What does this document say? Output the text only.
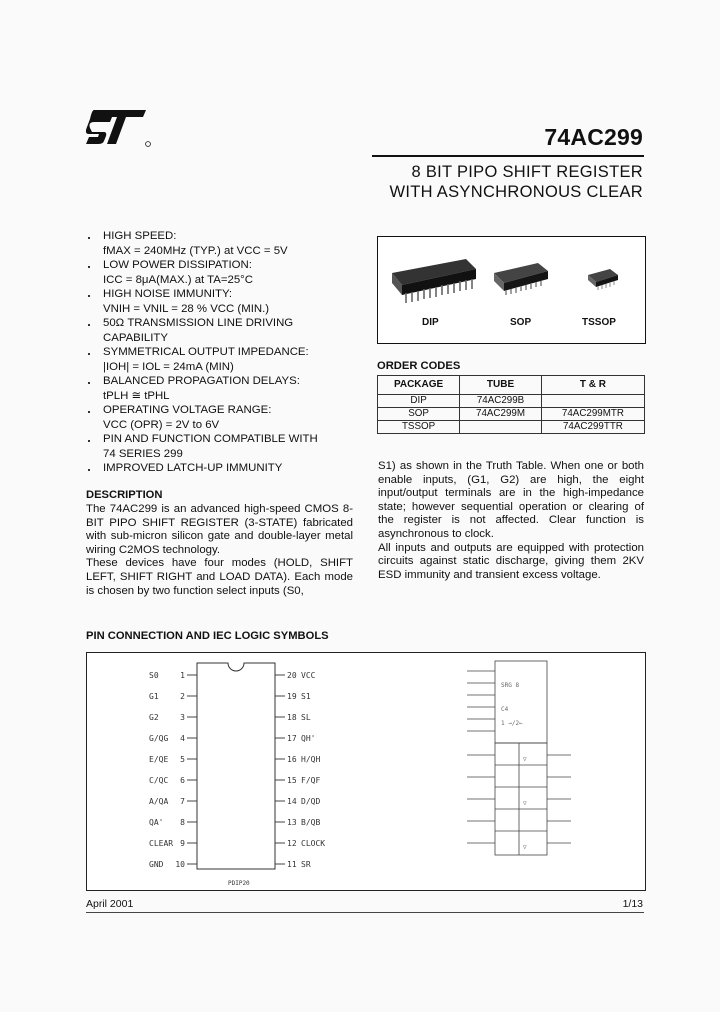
74AC299
8 BIT PIPO SHIFT REGISTER
WITH ASYNCHRONOUS CLEAR
HIGH SPEED:
fMAX = 240MHz (TYP.) at VCC = 5V
LOW POWER DISSIPATION:
ICC = 8μA(MAX.) at TA=25°C
HIGH NOISE IMMUNITY:
VNIH = VNIL = 28 % VCC (MIN.)
50Ω TRANSMISSION LINE DRIVING
CAPABILITY
SYMMETRICAL OUTPUT IMPEDANCE:
|IOH| = IOL = 24mA (MIN)
BALANCED PROPAGATION DELAYS:
tPLH ≅ tPHL
OPERATING VOLTAGE RANGE:
VCC (OPR) = 2V to 6V
PIN AND FUNCTION COMPATIBLE WITH
74 SERIES 299
IMPROVED LATCH-UP IMMUNITY
DIP	SOP	TSSOP
ORDER CODES
PACKAGE	TUBE	T & R
DIP	74AC299B	
SOP	74AC299M	74AC299MTR
TSSOP		74AC299TTR
DESCRIPTION
The 74AC299 is an advanced high-speed CMOS 8-BIT PIPO SHIFT REGISTER (3-STATE) fabricated with sub-micron silicon gate and double-layer metal wiring C2MOS technology.
These devices have four modes (HOLD, SHIFT LEFT, SHIFT RIGHT and LOAD DATA). Each mode is chosen by two function select inputs (S0,
S1) as shown in the Truth Table. When one or both enable inputs, (G1, G2) are high, the eight input/output terminals are in the high-impedance state; however sequential operation or clearing of the register is not affected. Clear function is asynchronous to clock.
All inputs and outputs are equipped with protection circuits against static discharge, giving them 2KV ESD immunity and transient excess voltage.
PIN CONNECTION AND IEC LOGIC SYMBOLS
S0	1
G1	2
G2	3
G/QG 4
E/QE 5
C/QC 6
A/QA 7
QA' 8
CLEAR 9
GND 10
20 VCC
19 S1
18 SL
17 QH'
16 H/QH
15 F/QF
14 D/QD
13 B/QB
12 CLOCK
11 SR
PDIP20
SRG 8
C4
1 →/2←
▽
▽
▽
April 2001	1/13
